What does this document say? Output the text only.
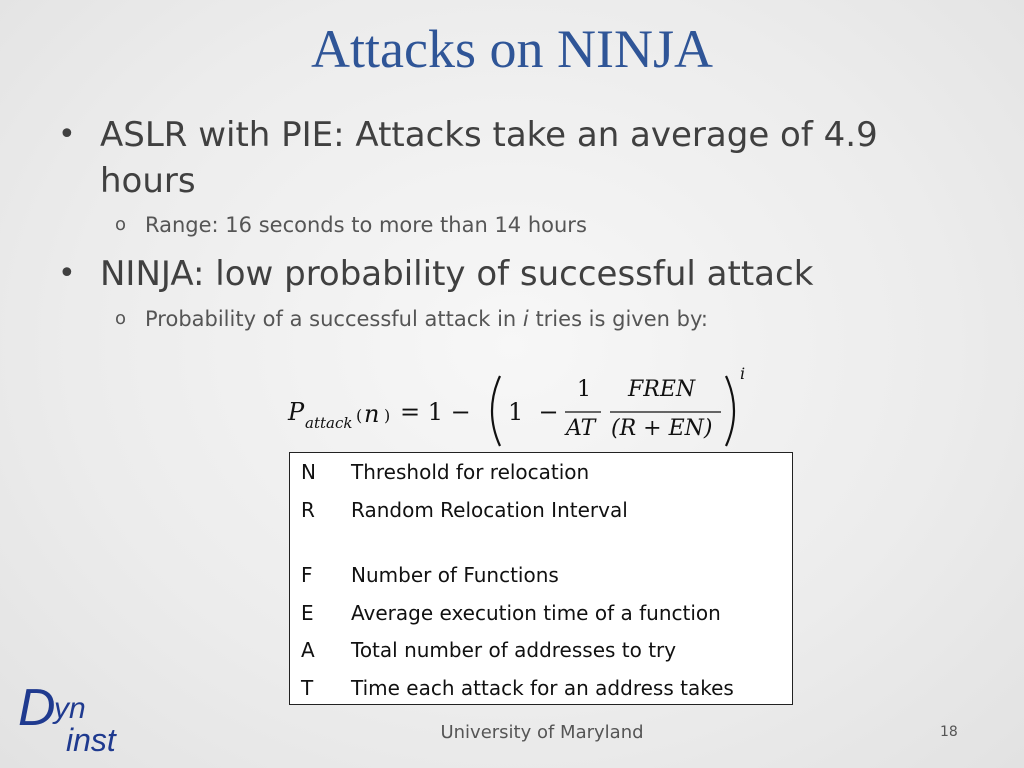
Attacks on NINJA
• ASLR with PIE: Attacks take an average of 4.9 hours
o Range: 16 seconds to more than 14 hours
• NINJA: low probability of successful attack
o Probability of a successful attack in i tries is given by:
P attack ( n ) = 1 − 1  −
1
AT
FREN
(R + EN)
i
N Threshold for relocation
R Random Relocation Interval
F Number of Functions
E Average execution time of a function
A Total number of addresses to try
T Time each attack for an address takes
D
yn
inst	University of Maryland	18
